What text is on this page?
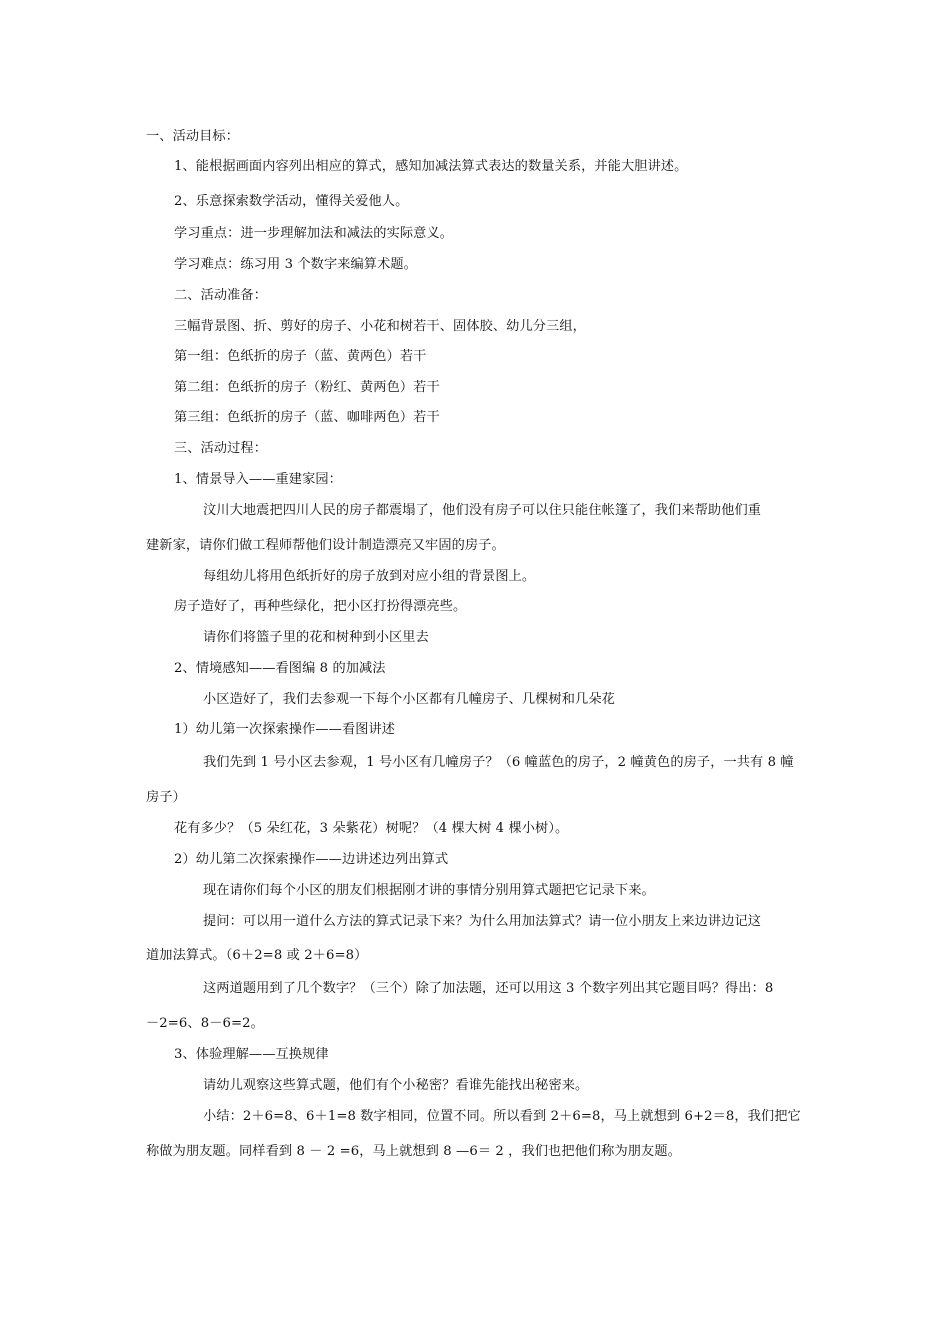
一、活动目标：
1、能根据画面内容列出相应的算式，感知加减法算式表达的数量关系，并能大胆讲述。
2、乐意探索数学活动，懂得关爱他人。
学习重点：进一步理解加法和减法的实际意义。
学习难点：练习用 3 个数字来编算术题。
二、活动准备：
三幅背景图、折、剪好的房子、小花和树若干、固体胶、幼儿分三组，
第一组：色纸折的房子（蓝、黄两色）若干
第二组：色纸折的房子（粉红、黄两色）若干
第三组：色纸折的房子（蓝、咖啡两色）若干
三、活动过程：
1、情景导入——重建家园：
汶川大地震把四川人民的房子都震塌了，他们没有房子可以住只能住帐篷了，我们来帮助他们重
建新家，请你们做工程师帮他们设计制造漂亮又牢固的房子。
每组幼儿将用色纸折好的房子放到对应小组的背景图上。
房子造好了，再种些绿化，把小区打扮得漂亮些。
请你们将篮子里的花和树种到小区里去
2、情境感知——看图编 8 的加减法
小区造好了，我们去参观一下每个小区都有几幢房子、几棵树和几朵花
1）幼儿第一次探索操作——看图讲述
我们先到 1 号小区去参观，1 号小区有几幢房子？（6 幢蓝色的房子，2 幢黄色的房子，一共有 8 幢
房子）
花有多少？（5 朵红花，3 朵紫花）树呢？（4 棵大树 4 棵小树）。
2）幼儿第二次探索操作——边讲述边列出算式
现在请你们每个小区的朋友们根据刚才讲的事情分别用算式题把它记录下来。
提问：可以用一道什么方法的算式记录下来？为什么用加法算式？请一位小朋友上来边讲边记这
道加法算式。（6＋2=8 或 2＋6=8）
这两道题用到了几个数字？（三个）除了加法题，还可以用这 3 个数字列出其它题目吗？得出：8
－2=6、8－6=2。
3、体验理解——互换规律
请幼儿观察这些算式题，他们有个小秘密？看谁先能找出秘密来。
小结：2＋6=8、6＋1=8 数字相同，位置不同。所以看到 2＋6=8，马上就想到 6+2＝8，我们把它
称做为朋友题。同样看到 8 － 2 =6，马上就想到 8 —6＝ 2 ，我们也把他们称为朋友题。
